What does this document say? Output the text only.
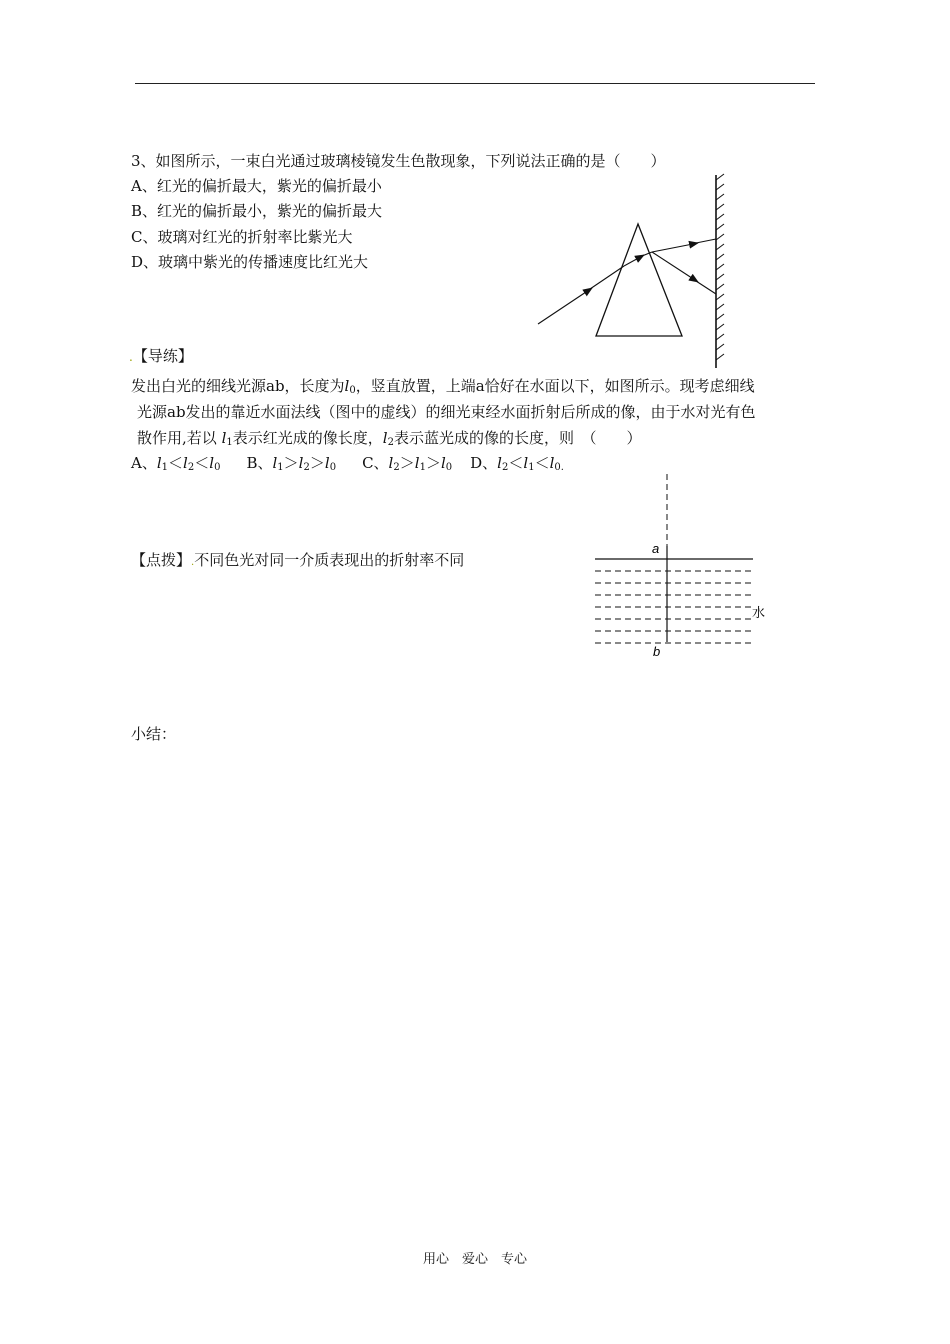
3、如图所示，一束白光通过玻璃棱镜发生色散现象，下列说法正确的是（　　）
A、红光的偏折最大，紫光的偏折最小
B、红光的偏折最小，紫光的偏折最大
C、玻璃对红光的折射率比紫光大
D、玻璃中紫光的传播速度比红光大
.【导练】
发出白光的细线光源ab，长度为$l_0$，竖直放置，上端a恰好在水面以下，如图所示。现考虑细线
光源ab发出的靠近水面法线（图中的虚线）的细光束经水面折射后所成的像，由于水对光有色
散作用,若以 $l_1$表示红光成的像长度，$l_2$表示蓝光成的像的长度，则　（　　）
A、$l_1<l_2<l_0$ B、$l_1>l_2>l_0$ C、$l_2>l_1>l_0$ D、$l_2<l_1<l_{0.}$
【点拨】.不同色光对同一介质表现出的折射率不同
a
b
水
小结：
用心　爱心　专心
